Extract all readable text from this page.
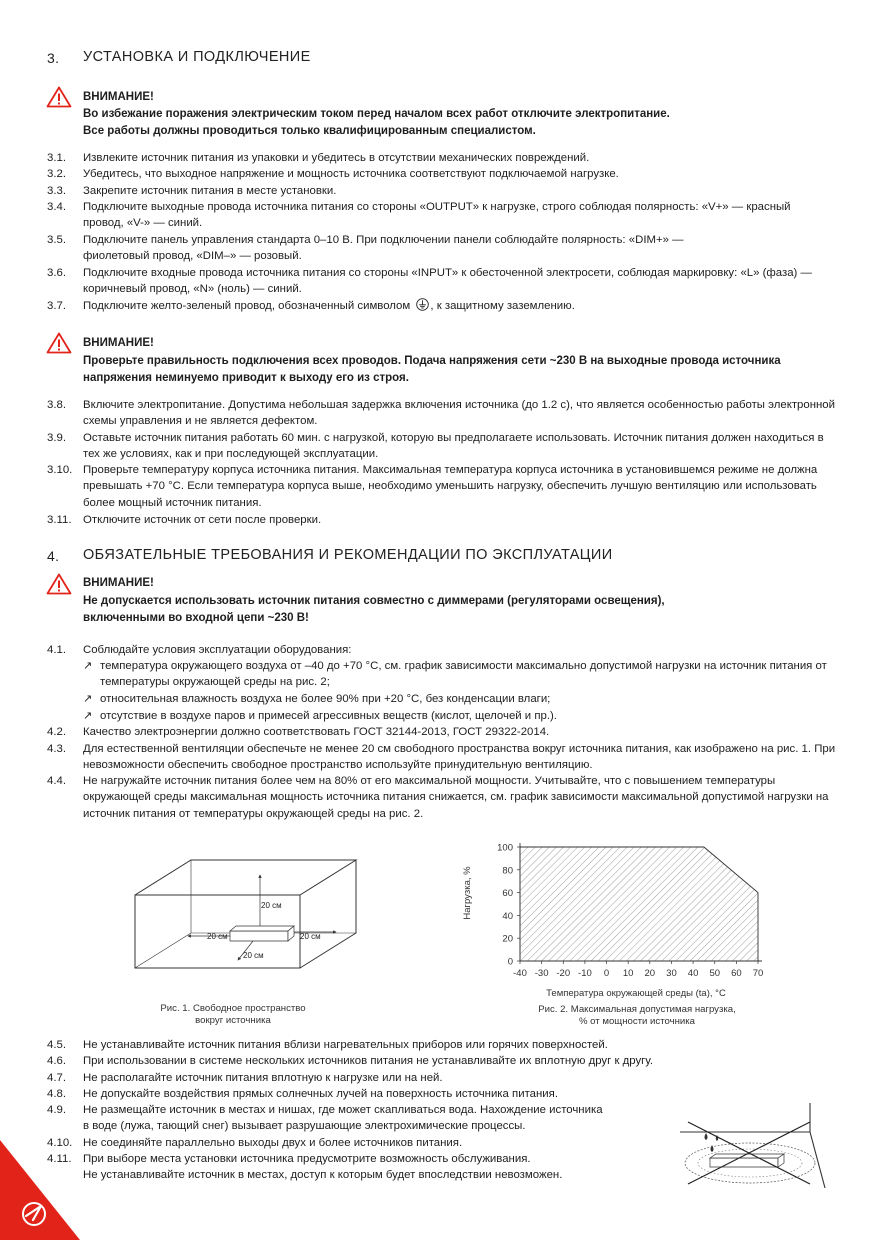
3. УСТАНОВКА И ПОДКЛЮЧЕНИЕ
ВНИМАНИЕ!
Во избежание поражения электрическим током перед началом всех работ отключите электропитание.
Все работы должны проводиться только квалифицированным специалистом.
3.1. Извлеките источник питания из упаковки и убедитесь в отсутствии механических повреждений.
3.2. Убедитесь, что выходное напряжение и мощность источника соответствуют подключаемой нагрузке.
3.3. Закрепите источник питания в месте установки.
3.4. Подключите выходные провода источника питания со стороны «OUTPUT» к нагрузке, строго соблюдая полярность: «V+» — красный провод, «V-» — синий.
3.5. Подключите панель управления стандарта 0–10 В. При подключении панели соблюдайте полярность: «DIM+» — фиолетовый провод, «DIM–» — розовый.
3.6. Подключите входные провода источника питания со стороны «INPUT» к обесточенной электросети, соблюдая маркировку: «L» (фаза) — коричневый провод, «N» (ноль) — синий.
3.7. Подключите желто-зеленый провод, обозначенный символом , к защитному заземлению.
ВНИМАНИЕ!
Проверьте правильность подключения всех проводов. Подача напряжения сети ~230 В на выходные провода источника
напряжения неминуемо приводит к выходу его из строя.
3.8. Включите электропитание. Допустима небольшая задержка включения источника (до 1.2 с), что является особенностью работы электронной схемы управления и не является дефектом.
3.9. Оставьте источник питания работать 60 мин. с нагрузкой, которую вы предполагаете использовать. Источник питания должен находиться в тех же условиях, как и при последующей эксплуатации.
3.10. Проверьте температуру корпуса источника питания. Максимальная температура корпуса источника в установившемся режиме не должна превышать +70 °C. Если температура корпуса выше, необходимо уменьшить нагрузку, обеспечить лучшую вентиляцию или использовать более мощный источник питания.
3.11. Отключите источник от сети после проверки.
4. ОБЯЗАТЕЛЬНЫЕ ТРЕБОВАНИЯ И РЕКОМЕНДАЦИИ ПО ЭКСПЛУАТАЦИИ
ВНИМАНИЕ!
Не допускается использовать источник питания совместно с диммерами (регуляторами освещения),
включенными во входной цепи ~230 В!
4.1. Соблюдайте условия эксплуатации оборудования:
↗ температура окружающего воздуха от –40 до +70 °C, см. график зависимости максимально допустимой нагрузки на источник питания от температуры окружающей среды на рис. 2;
↗ относительная влажность воздуха не более 90% при +20 °C, без конденсации влаги;
↗ отсутствие в воздухе паров и примесей агрессивных веществ (кислот, щелочей и пр.).
4.2. Качество электроэнергии должно соответствовать ГОСТ 32144-2013, ГОСТ 29322-2014.
4.3. Для естественной вентиляции обеспечьте не менее 20 см свободного пространства вокруг источника питания, как изображено на рис. 1. При невозможности обеспечить свободное пространство используйте принудительную вентиляцию.
4.4. Не нагружайте источник питания более чем на 80% от его максимальной мощности. Учитывайте, что с повышением температуры окружающей среды максимальная мощность источника питания снижается, см. график зависимости максимальной допустимой нагрузки на источник питания от температуры окружающей среды на рис. 2.
20 см
20 см	20 см
20 см
Рис. 1. Свободное пространство
вокруг источника
0
20
40
60
80
100
-40 -30 -20 -10 0 10 20 30 40 50 60 70
Нагрузка, %
Температура окружающей среды (ta), °C
Рис. 2. Максимальная допустимая нагрузка,
% от мощности источника
4.5. Не устанавливайте источник питания вблизи нагревательных приборов или горячих поверхностей.
4.6. При использовании в системе нескольких источников питания не устанавливайте их вплотную друг к другу.
4.7. Не располагайте источник питания вплотную к нагрузке или на ней.
4.8. Не допускайте воздействия прямых солнечных лучей на поверхность источника питания.
4.9. Не размещайте источник в местах и нишах, где может скапливаться вода. Нахождение источника
в воде (лужа, тающий снег) вызывает разрушающие электрохимические процессы.
4.10. Не соединяйте параллельно выходы двух и более источников питания.
4.11. При выборе места установки источника предусмотрите возможность обслуживания.
Не устанавливайте источник в местах, доступ к которым будет впоследствии невозможен.
